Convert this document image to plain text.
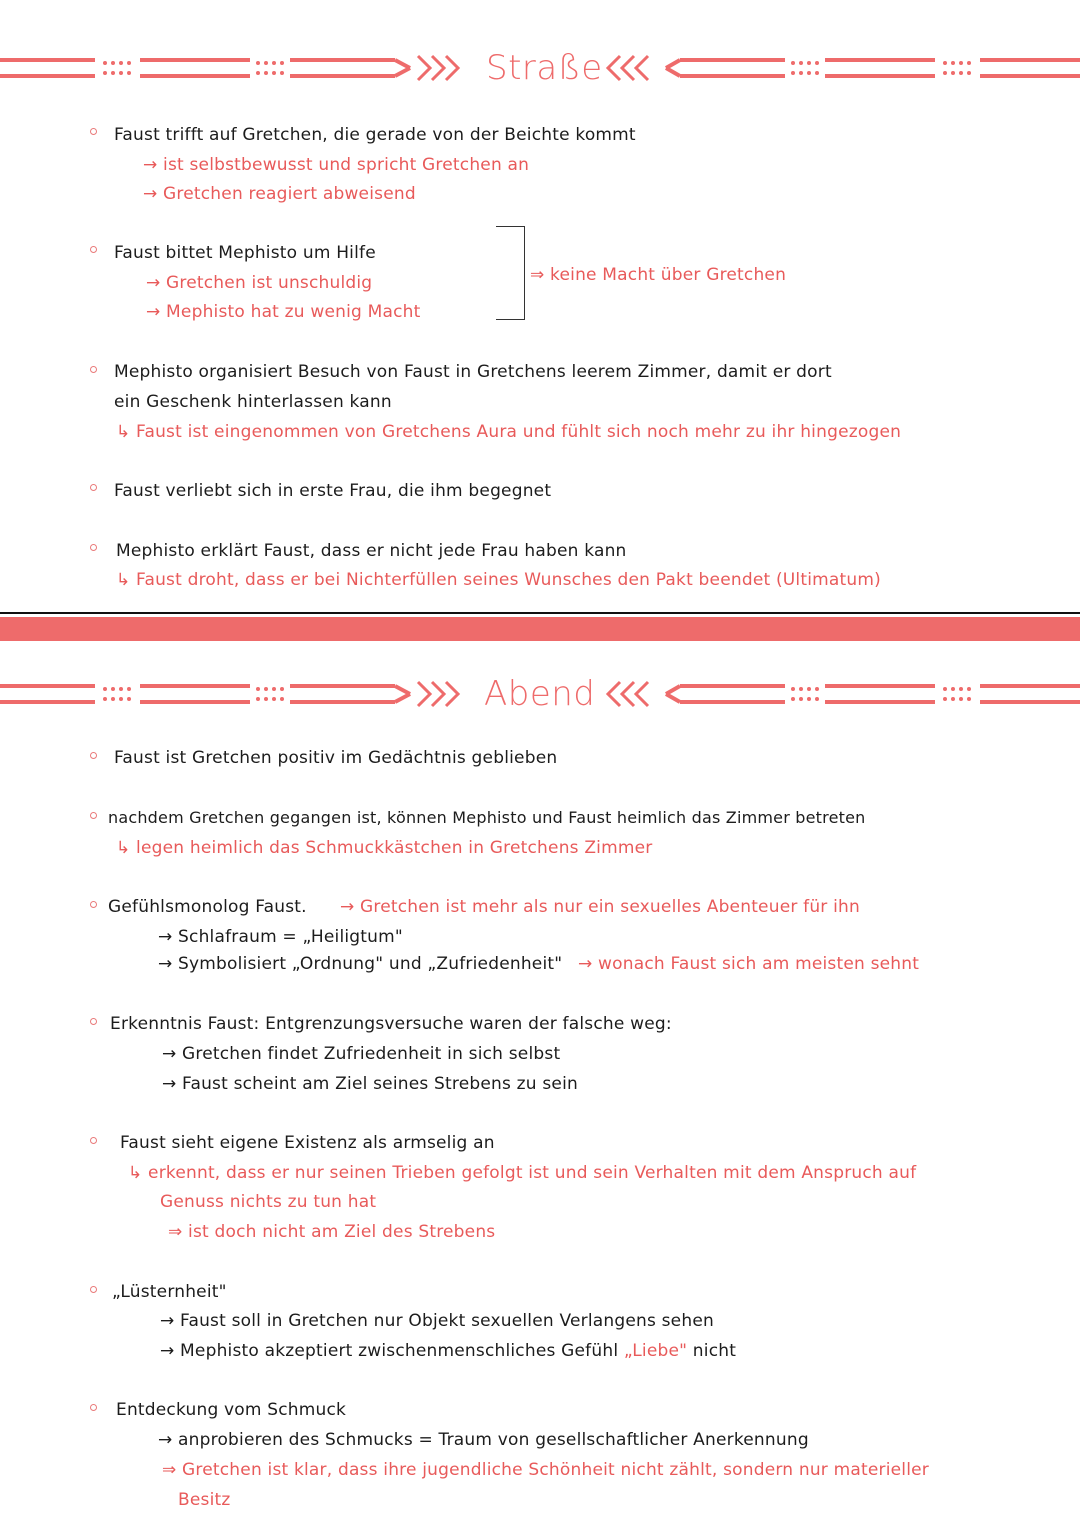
Straße
Faust trifft auf Gretchen, die gerade von der Beichte kommt
→ ist selbstbewusst und spricht Gretchen an
→ Gretchen reagiert abweisend
Faust bittet Mephisto um Hilfe
→ Gretchen ist unschuldig
→ Mephisto hat zu wenig Macht
⇒ keine Macht über Gretchen
Mephisto organisiert Besuch von Faust in Gretchens leerem Zimmer, damit er dort
ein Geschenk hinterlassen kann
↳ Faust ist eingenommen von Gretchens Aura und fühlt sich noch mehr zu ihr hingezogen
Faust verliebt sich in erste Frau, die ihm begegnet
Mephisto erklärt Faust, dass er nicht jede Frau haben kann
↳ Faust droht, dass er bei Nichterfüllen seines Wunsches den Pakt beendet (Ultimatum)
Abend
Faust ist Gretchen positiv im Gedächtnis geblieben
nachdem Gretchen gegangen ist, können Mephisto und Faust heimlich das Zimmer betreten
↳ legen heimlich das Schmuckkästchen in Gretchens Zimmer
Gefühlsmonolog Faust. → Gretchen ist mehr als nur ein sexuelles Abenteuer für ihn
→ Schlafraum = „Heiligtum"
→ Symbolisiert „Ordnung" und „Zufriedenheit" → wonach Faust sich am meisten sehnt
Erkenntnis Faust: Entgrenzungsversuche waren der falsche weg:
→ Gretchen findet Zufriedenheit in sich selbst
→ Faust scheint am Ziel seines Strebens zu sein
Faust sieht eigene Existenz als armselig an
↳ erkennt, dass er nur seinen Trieben gefolgt ist und sein Verhalten mit dem Anspruch auf
Genuss nichts zu tun hat
⇒ ist doch nicht am Ziel des Strebens
„Lüsternheit"
→ Faust soll in Gretchen nur Objekt sexuellen Verlangens sehen
→ Mephisto akzeptiert zwischenmenschliches Gefühl „Liebe" nicht
Entdeckung vom Schmuck
→ anprobieren des Schmucks = Traum von gesellschaftlicher Anerkennung
⇒ Gretchen ist klar, dass ihre jugendliche Schönheit nicht zählt, sondern nur materieller
Besitz
